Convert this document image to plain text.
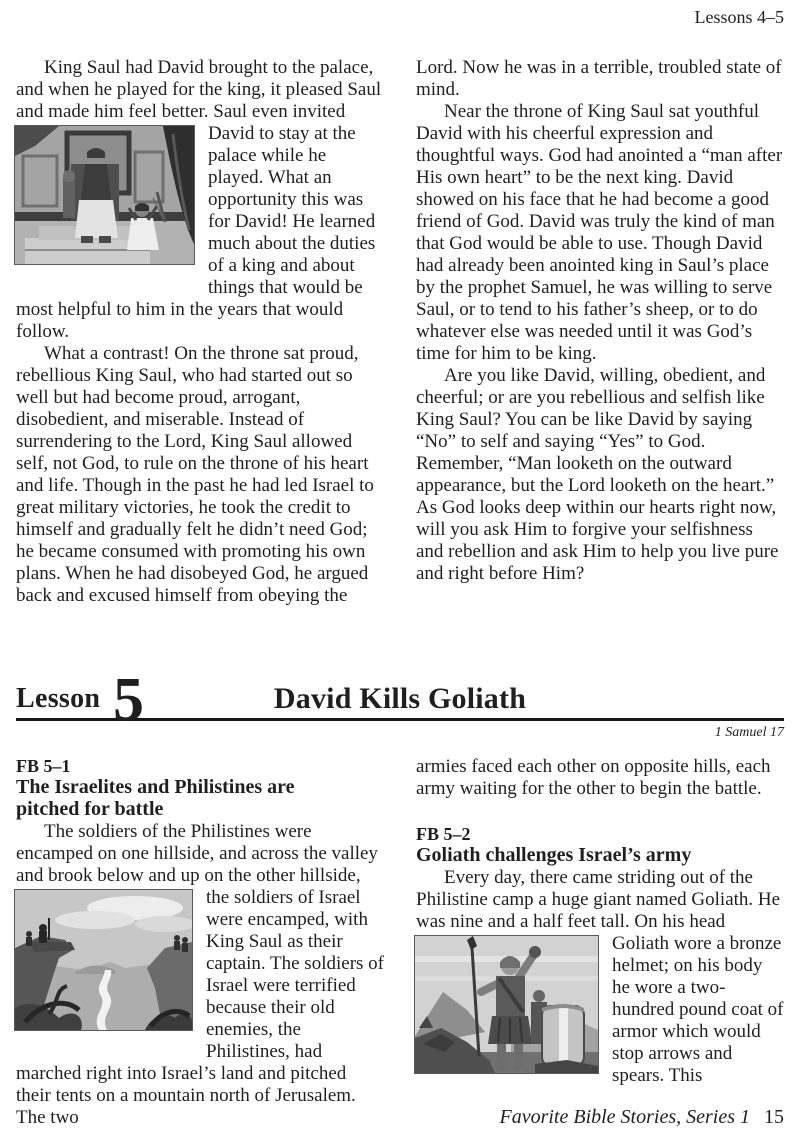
Lessons 4–5

King Saul had David brought to the palace, and when he played for the king, it pleased Saul and made him feel better. Saul even invited David to stay at the palace while he played. What an opportunity this was for David! He learned much about the duties of a king and about things that would be most helpful to him in the years that would follow.

What a contrast! On the throne sat proud, rebellious King Saul, who had started out so well but had become proud, arrogant, disobedient, and miserable. Instead of surrendering to the Lord, King Saul allowed self, not God, to rule on the throne of his heart and life. Though in the past he had led Israel to great military victories, he took the credit to himself and gradually felt he didn’t need God; he became consumed with promoting his own plans. When he had disobeyed God, he argued back and excused himself from obeying the

Lord. Now he was in a terrible, troubled state of mind.

Near the throne of King Saul sat youthful David with his cheerful expression and thoughtful ways. God had anointed a “man after His own heart” to be the next king. David showed on his face that he had become a good friend of God. David was truly the kind of man that God would be able to use. Though David had already been anointed king in Saul’s place by the prophet Samuel, he was willing to serve Saul, or to tend to his father’s sheep, or to do whatever else was needed until it was God’s time for him to be king.

Are you like David, willing, obedient, and cheerful; or are you rebellious and selfish like King Saul? You can be like David by saying “No” to self and saying “Yes” to God. Remember, “Man looketh on the outward appearance, but the Lord looketh on the heart.” As God looks deep within our hearts right now, will you ask Him to forgive your selfishness and rebellion and ask Him to help you live pure and right before Him?

Lesson 5	David Kills Goliath
1 Samuel 17

FB 5–1

The Israelites and Philistines are pitched for battle

The soldiers of the Philistines were encamped on one hillside, and across the valley and brook below and up on the other hillside,
the soldiers of Israel were encamped, with King Saul as their captain. The soldiers of Israel were terrified because their old enemies, the Philistines, had marched right into Israel’s land and pitched their tents on a mountain north of Jerusalem. The two

armies faced each other on opposite hills, each army waiting for the other to begin the battle.

FB 5–2

Goliath challenges Israel’s army

Every day, there came striding out of the Philistine camp a huge giant named Goliath. He was nine and a half feet tall. On his head Goliath wore a bronze helmet; on his body he wore a two-hundred pound coat of armor which would stop arrows and spears. This

Favorite Bible Stories, Series 1 15
